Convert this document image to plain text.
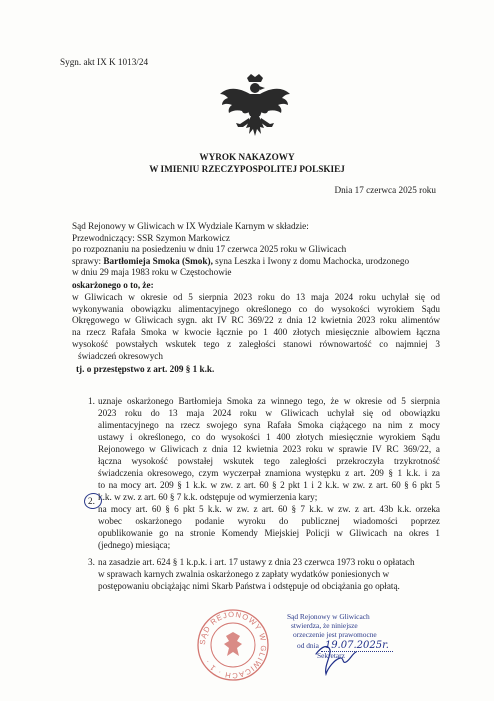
Sygn. akt IX K 1013/24
WYROK NAKAZOWY
W IMIENIU RZECZYPOSPOLITEJ POLSKIEJ
Dnia 17 czerwca 2025 roku
Sąd Rejonowy w Gliwicach w IX Wydziale Karnym w składzie:
Przewodniczący: SSR Szymon Markowicz
po rozpoznaniu na posiedzeniu w dniu 17 czerwca 2025 roku w Gliwicach
sprawy: Bartłomieja Smoka (Smok), syna Leszka i Iwony z domu Machocka, urodzonego
w dniu 29 maja 1983 roku w Częstochowie
oskarżonego o to, że:
w Gliwicach w okresie od 5 sierpnia 2023 roku do 13 maja 2024 roku uchylał się od
wykonywania obowiązku alimentacyjnego określonego co do wysokości wyrokiem Sądu
Okręgowego w Gliwicach sygn. akt IV RC 369/22 z dnia 12 kwietnia 2023 roku alimentów
na rzecz Rafała Smoka w kwocie łącznie po 1 400 złotych miesięcznie albowiem łączna
wysokość powstałych wskutek tego z zaległości stanowi równowartość co najmniej 3
świadczeń okresowych
tj. o przestępstwo z art. 209 § 1 k.k.
1. uznaje oskarżonego Bartłomieja Smoka za winnego tego, że w okresie od 5 sierpnia
2023 roku do 13 maja 2024 roku w Gliwicach uchylał się od obowiązku
alimentacyjnego na rzecz swojego syna Rafała Smoka ciążącego na nim z mocy
ustawy i określonego, co do wysokości 1 400 złotych miesięcznie wyrokiem Sądu
Rejonowego w Gliwicach z dnia 12 kwietnia 2023 roku w sprawie IV RC 369/22, a
łączna wysokość powstałej wskutek tego zaległości przekroczyła trzykrotność
świadczenia okresowego, czym wyczerpał znamiona występku z art. 209 § 1 k.k. i za
to na mocy art. 209 § 1 k.k. w zw. z art. 60 § 2 pkt 1 i 2 k.k. w zw. z art. 60 § 6 pkt 5
k.k. w zw. z art. 60 § 7 k.k. odstępuje od wymierzenia kary;
2.
na mocy art. 60 § 6 pkt 5 k.k. w zw. z art. 60 § 7 k.k. w zw. z art. 43b k.k. orzeka
wobec oskarżonego podanie wyroku do publicznej wiadomości poprzez
opublikowanie go na stronie Komendy Miejskiej Policji w Gliwicach na okres 1
(jednego) miesiąca;
3. na zasadzie art. 624 § 1 k.p.k. i art. 17 ustawy z dnia 23 czerwca 1973 roku o opłatach
w sprawach karnych zwalnia oskarżonego z zapłaty wydatków poniesionych w
postępowaniu obciążając nimi Skarb Państwa i odstępuje od obciążania go opłatą.
SĄD REJONOWY W GLIWICACH · 1 ·
Sąd Rejonowy w Gliwicach
stwierdza, że niniejsze
orzeczenie jest prawomocne
od dnia 19.07.2025r.
Sekretarz
